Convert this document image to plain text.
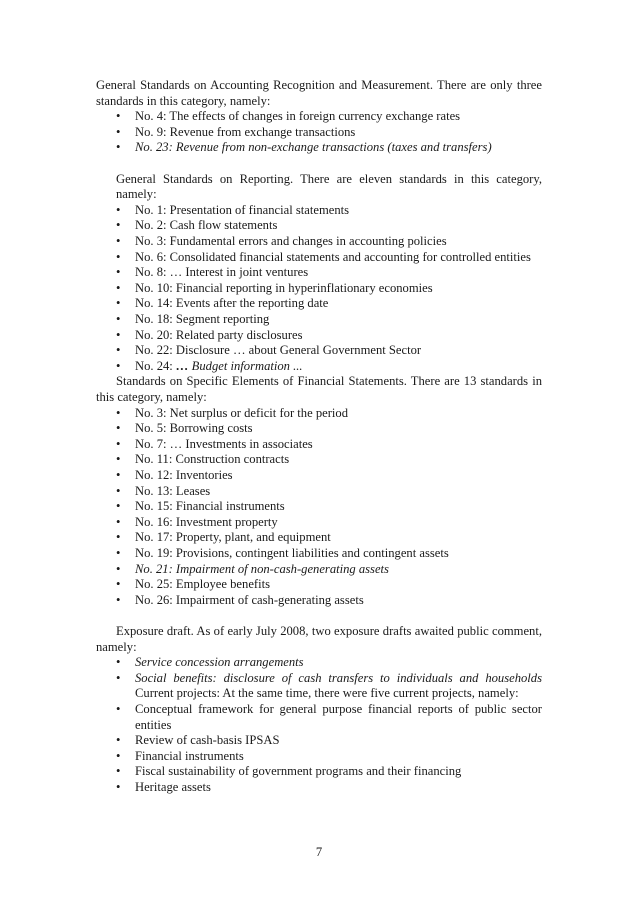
General Standards on Accounting Recognition and Measurement. There are only three
standards in this category, namely:
• No. 4: The effects of changes in foreign currency exchange rates
• No. 9: Revenue from exchange transactions
• No. 23: Revenue from non-exchange transactions (taxes and transfers)
General Standards on Reporting. There are eleven standards in this category,
namely:
• No. 1: Presentation of financial statements
• No. 2: Cash flow statements
• No. 3: Fundamental errors and changes in accounting policies
• No. 6: Consolidated financial statements and accounting for controlled entities
• No. 8: … Interest in joint ventures
• No. 10: Financial reporting in hyperinflationary economies
• No. 14: Events after the reporting date
• No. 18: Segment reporting
• No. 20: Related party disclosures
• No. 22: Disclosure … about General Government Sector
• No. 24: … Budget information ...
Standards on Specific Elements of Financial Statements. There are 13 standards in
this category, namely:
• No. 3: Net surplus or deficit for the period
• No. 5: Borrowing costs
• No. 7: … Investments in associates
• No. 11: Construction contracts
• No. 12: Inventories
• No. 13: Leases
• No. 15: Financial instruments
• No. 16: Investment property
• No. 17: Property, plant, and equipment
• No. 19: Provisions, contingent liabilities and contingent assets
• No. 21: Impairment of non-cash-generating assets
• No. 25: Employee benefits
• No. 26: Impairment of cash-generating assets
Exposure draft. As of early July 2008, two exposure drafts awaited public comment,
namely:
• Service concession arrangements
• Social benefits: disclosure of cash transfers to individuals and households
Current projects: At the same time, there were five current projects, namely:
• Conceptual framework for general purpose financial reports of public sector
entities
• Review of cash-basis IPSAS
• Financial instruments
• Fiscal sustainability of government programs and their financing
• Heritage assets
7
